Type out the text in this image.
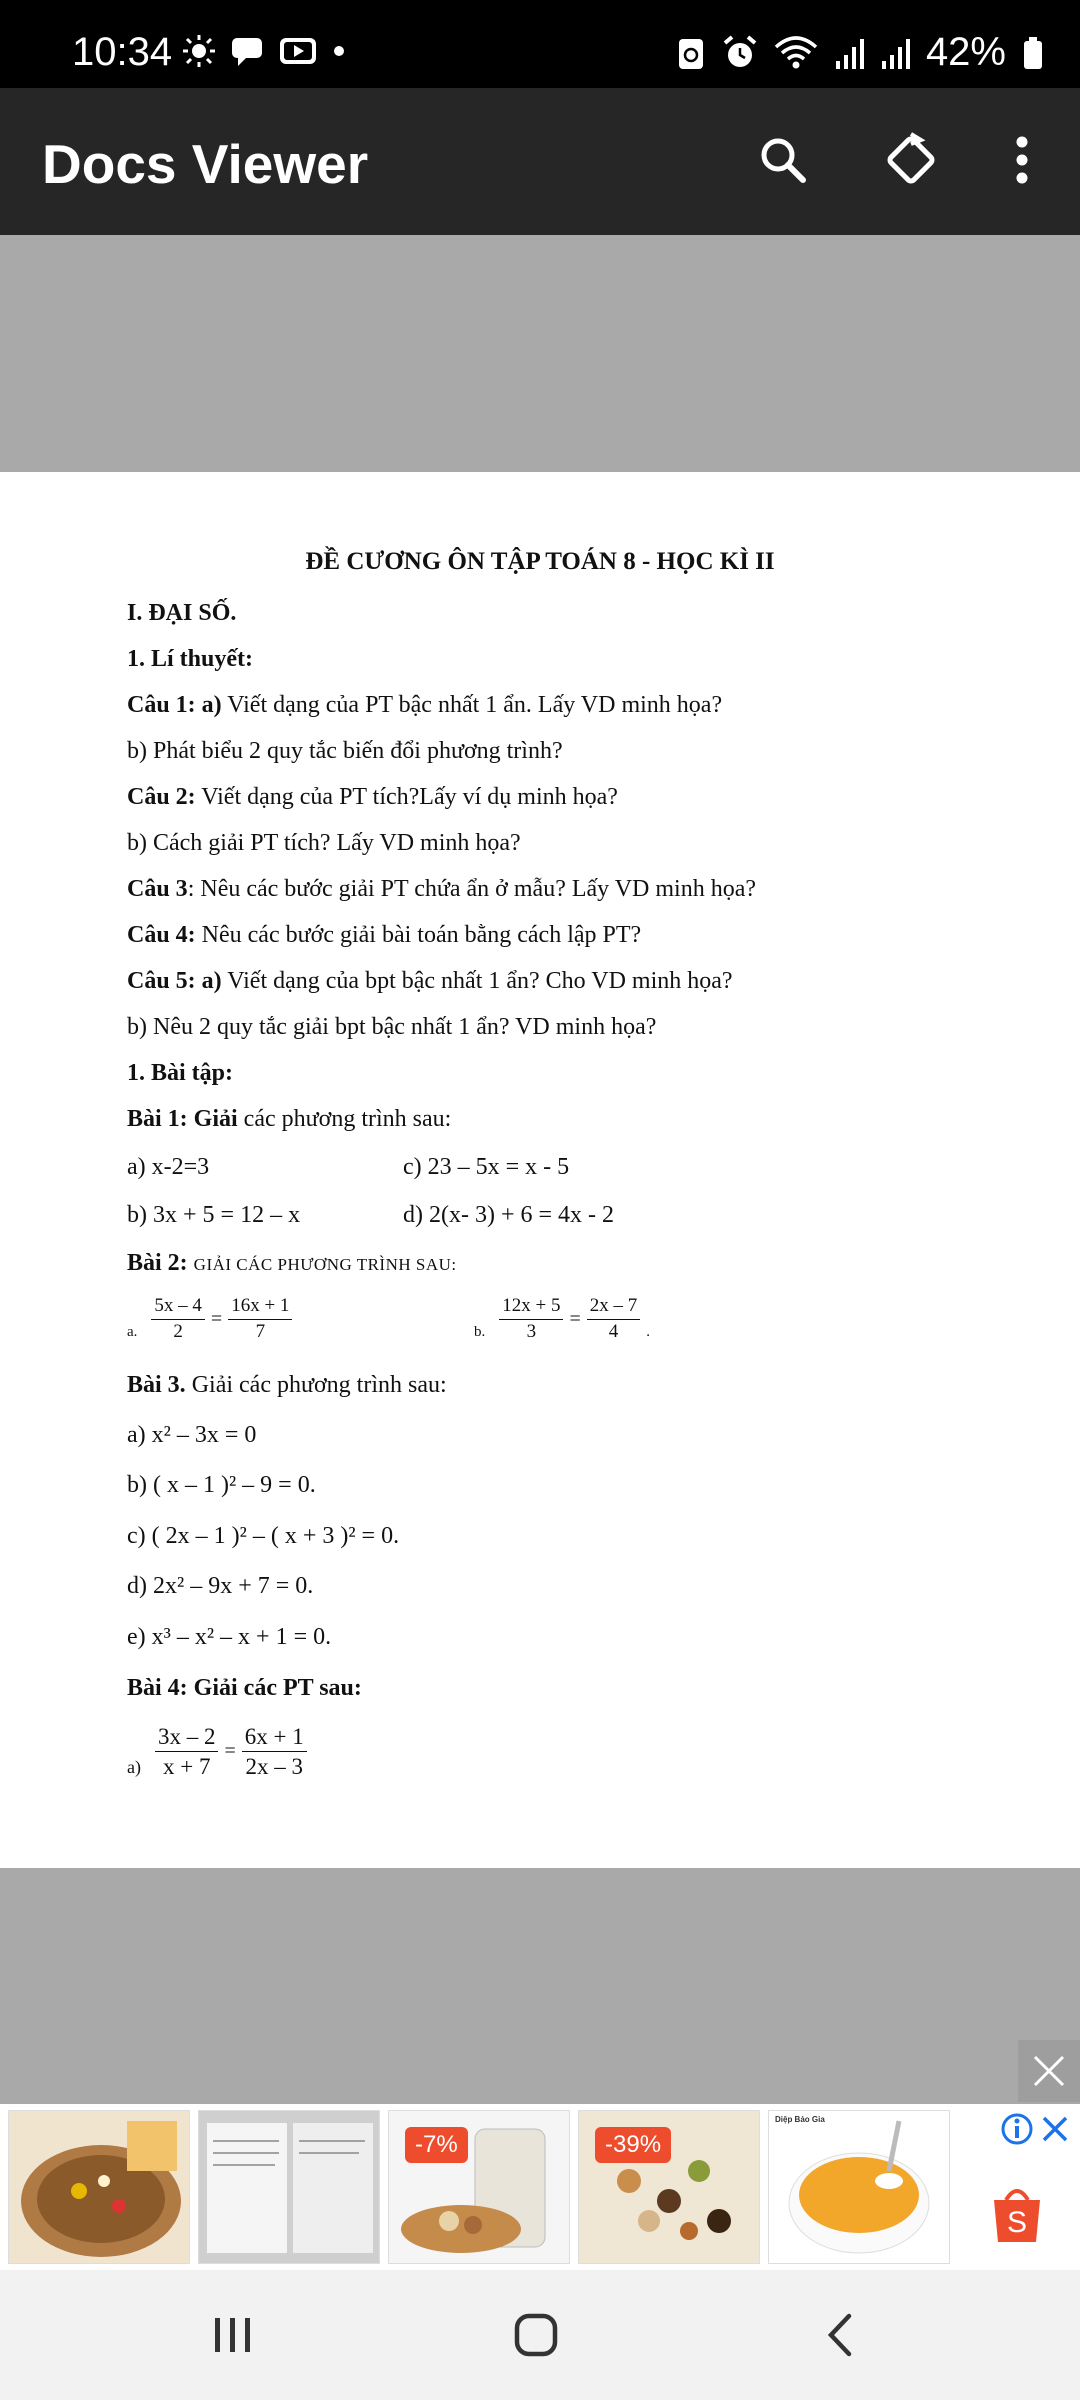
10:34	42%
Docs Viewer
ĐỀ CƯƠNG ÔN TẬP TOÁN 8 - HỌC KÌ II
I. ĐẠI SỐ.
1. Lí thuyết:
Câu 1: a) Viết dạng của PT bậc nhất 1 ẩn. Lấy VD minh họa?
b) Phát biểu 2 quy tắc biến đổi phương trình?
Câu 2: Viết dạng của PT tích?Lấy ví dụ minh họa?
b) Cách giải PT tích? Lấy VD minh họa?
Câu 3: Nêu các bước giải PT chứa ẩn ở mẫu? Lấy VD minh họa?
Câu 4: Nêu các bước giải bài toán bằng cách lập PT?
Câu 5: a) Viết dạng của bpt bậc nhất 1 ẩn? Cho VD minh họa?
b) Nêu 2 quy tắc giải bpt bậc nhất 1 ẩn? VD minh họa?
1. Bài tập:
Bài 1: Giải các phương trình sau:
a) x-2=3	c) 23 – 5x = x - 5
b) 3x + 5 = 12 – x	d) 2(x- 3) + 6 = 4x - 2
Bài 2: GIẢI CÁC PHƯƠNG TRÌNH SAU:
a. $\frac{5x - 4}{2} = \frac{16x + 1}{7}$	b. $\frac{12x + 5}{3} = \frac{2x - 7}{4}$ .
Bài 3. Giải các phương trình sau:
a) x² – 3x = 0
b) ( x – 1 )² – 9 = 0.
c) ( 2x – 1 )² – ( x + 3 )² = 0.
d) 2x² – 9x + 7 = 0.
e) x³ – x² – x + 1 = 0.
Bài 4: Giải các PT sau:
$a) \frac{3x - 2}{x + 7} = \frac{6x + 1}{2x - 3}$
-7%	-39%
Diệp Bảo Gia
S
